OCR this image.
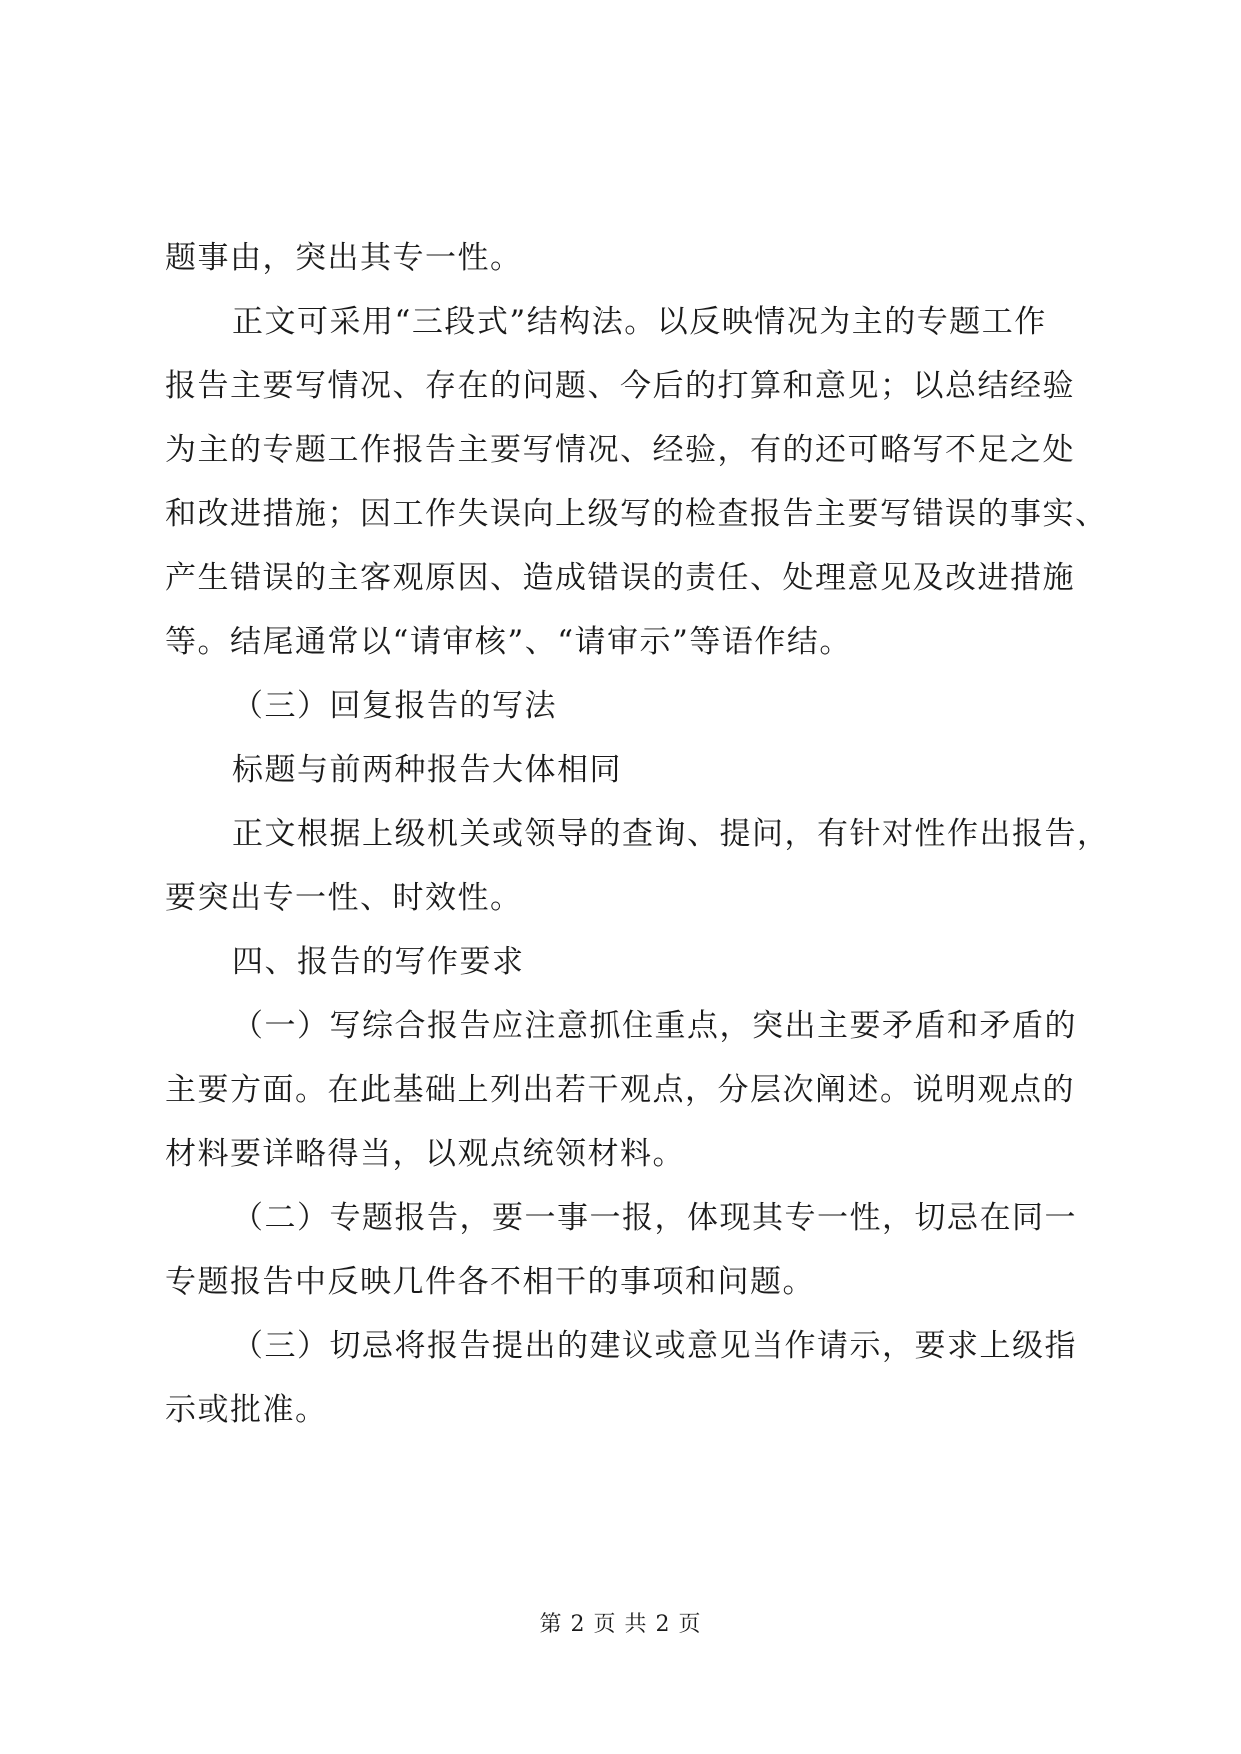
题事由，突出其专一性。
正文可采用“三段式”结构法。以反映情况为主的专题工作
报告主要写情况、存在的问题、今后的打算和意见；以总结经验
为主的专题工作报告主要写情况、经验，有的还可略写不足之处
和改进措施；因工作失误向上级写的检查报告主要写错误的事实、
产生错误的主客观原因、造成错误的责任、处理意见及改进措施
等。结尾通常以“请审核”、“请审示”等语作结。
（三）回复报告的写法
标题与前两种报告大体相同
正文根据上级机关或领导的查询、提问，有针对性作出报告，
要突出专一性、时效性。
四、报告的写作要求
（一）写综合报告应注意抓住重点，突出主要矛盾和矛盾的
主要方面。在此基础上列出若干观点，分层次阐述。说明观点的
材料要详略得当，以观点统领材料。
（二）专题报告，要一事一报，体现其专一性，切忌在同一
专题报告中反映几件各不相干的事项和问题。
（三）切忌将报告提出的建议或意见当作请示，要求上级指
示或批准。
第 2 页 共 2 页
